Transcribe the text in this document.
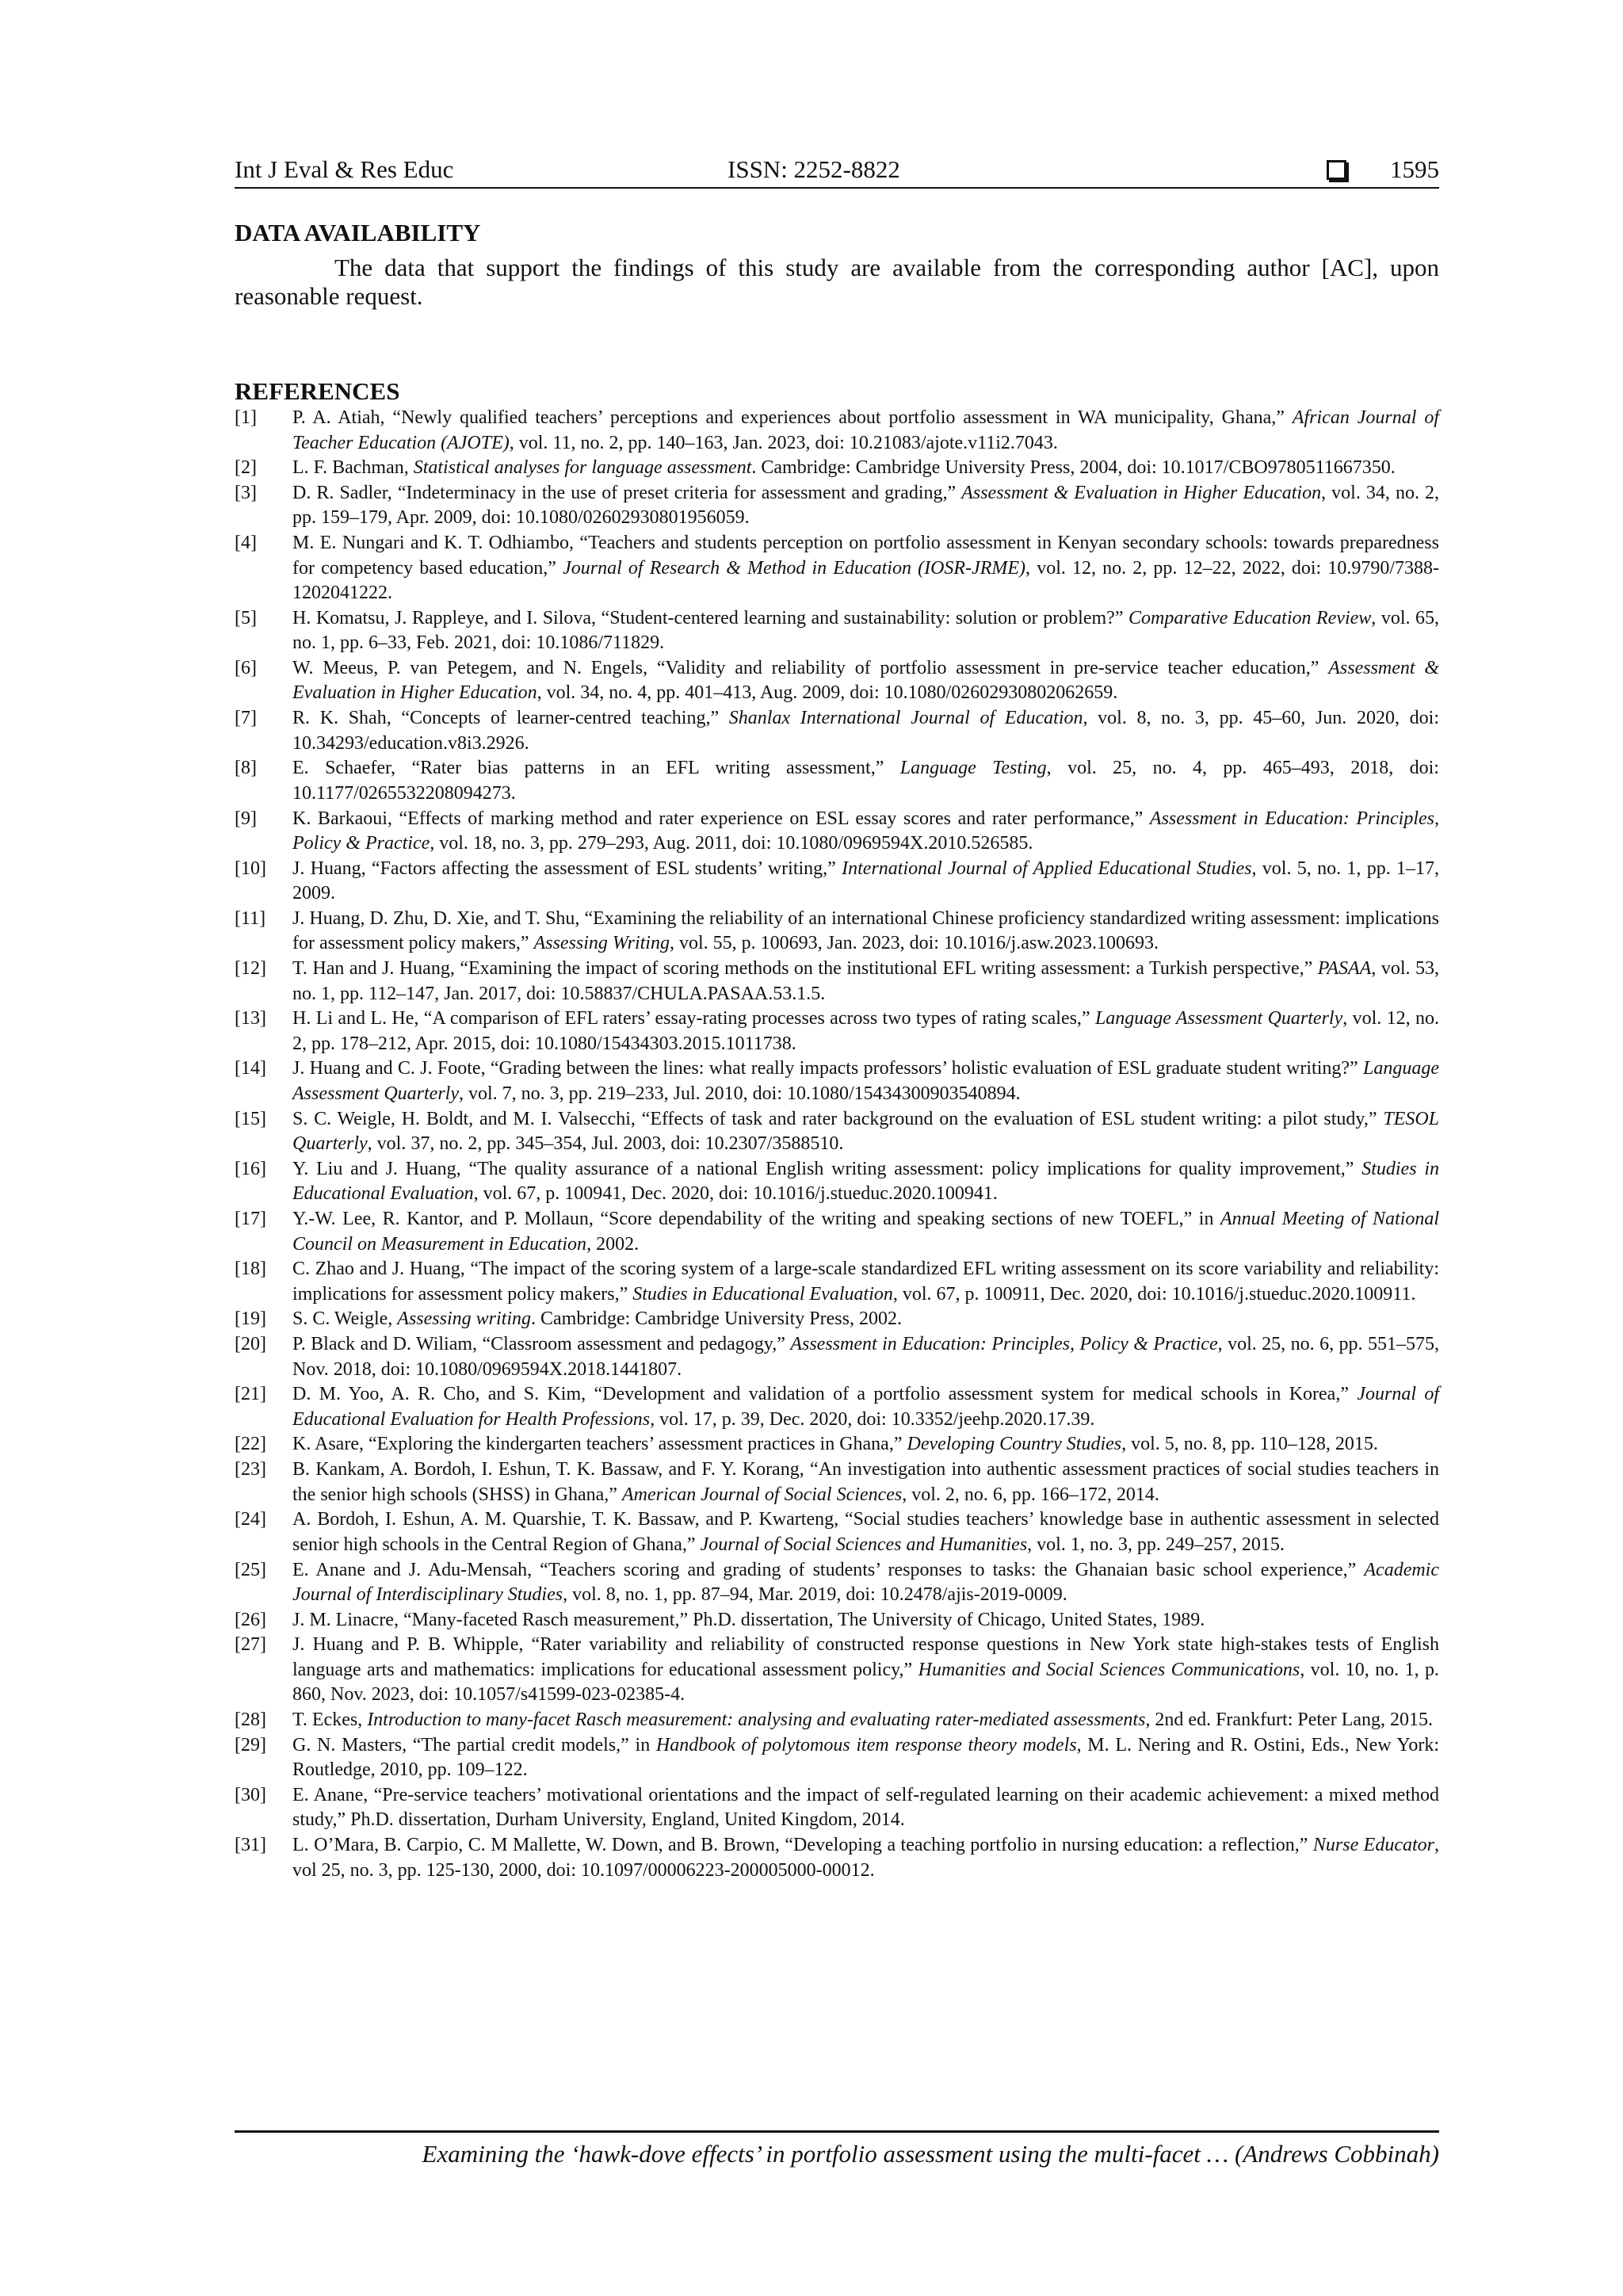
Int J Eval & Res Educ	ISSN: 2252-8822	1595
DATA AVAILABILITY
The data that support the findings of this study are available from the corresponding author [AC], upon reasonable request.
REFERENCES
[1] P. A. Atiah, “Newly qualified teachers’ perceptions and experiences about portfolio assessment in WA municipality, Ghana,” African Journal of Teacher Education (AJOTE), vol. 11, no. 2, pp. 140–163, Jan. 2023, doi: 10.21083/ajote.v11i2.7043.
[2] L. F. Bachman, Statistical analyses for language assessment. Cambridge: Cambridge University Press, 2004, doi: 10.1017/CBO9780511667350.
[3] D. R. Sadler, “Indeterminacy in the use of preset criteria for assessment and grading,” Assessment & Evaluation in Higher Education, vol. 34, no. 2, pp. 159–179, Apr. 2009, doi: 10.1080/02602930801956059.
[4] M. E. Nungari and K. T. Odhiambo, “Teachers and students perception on portfolio assessment in Kenyan secondary schools: towards preparedness for competency based education,” Journal of Research & Method in Education (IOSR-JRME), vol. 12, no. 2, pp. 12–22, 2022, doi: 10.9790/7388-1202041222.
[5] H. Komatsu, J. Rappleye, and I. Silova, “Student-centered learning and sustainability: solution or problem?” Comparative Education Review, vol. 65, no. 1, pp. 6–33, Feb. 2021, doi: 10.1086/711829.
[6] W. Meeus, P. van Petegem, and N. Engels, “Validity and reliability of portfolio assessment in pre-service teacher education,” Assessment & Evaluation in Higher Education, vol. 34, no. 4, pp. 401–413, Aug. 2009, doi: 10.1080/02602930802062659.
[7] R. K. Shah, “Concepts of learner-centred teaching,” Shanlax International Journal of Education, vol. 8, no. 3, pp. 45–60, Jun. 2020, doi: 10.34293/education.v8i3.2926.
[8] E. Schaefer, “Rater bias patterns in an EFL writing assessment,” Language Testing, vol. 25, no. 4, pp. 465–493, 2018, doi: 10.1177/0265532208094273.
[9] K. Barkaoui, “Effects of marking method and rater experience on ESL essay scores and rater performance,” Assessment in Education: Principles, Policy & Practice, vol. 18, no. 3, pp. 279–293, Aug. 2011, doi: 10.1080/0969594X.2010.526585.
[10] J. Huang, “Factors affecting the assessment of ESL students’ writing,” International Journal of Applied Educational Studies, vol. 5, no. 1, pp. 1–17, 2009.
[11] J. Huang, D. Zhu, D. Xie, and T. Shu, “Examining the reliability of an international Chinese proficiency standardized writing assessment: implications for assessment policy makers,” Assessing Writing, vol. 55, p. 100693, Jan. 2023, doi: 10.1016/j.asw.2023.100693.
[12] T. Han and J. Huang, “Examining the impact of scoring methods on the institutional EFL writing assessment: a Turkish perspective,” PASAA, vol. 53, no. 1, pp. 112–147, Jan. 2017, doi: 10.58837/CHULA.PASAA.53.1.5.
[13] H. Li and L. He, “A comparison of EFL raters’ essay-rating processes across two types of rating scales,” Language Assessment Quarterly, vol. 12, no. 2, pp. 178–212, Apr. 2015, doi: 10.1080/15434303.2015.1011738.
[14] J. Huang and C. J. Foote, “Grading between the lines: what really impacts professors’ holistic evaluation of ESL graduate student writing?” Language Assessment Quarterly, vol. 7, no. 3, pp. 219–233, Jul. 2010, doi: 10.1080/15434300903540894.
[15] S. C. Weigle, H. Boldt, and M. I. Valsecchi, “Effects of task and rater background on the evaluation of ESL student writing: a pilot study,” TESOL Quarterly, vol. 37, no. 2, pp. 345–354, Jul. 2003, doi: 10.2307/3588510.
[16] Y. Liu and J. Huang, “The quality assurance of a national English writing assessment: policy implications for quality improvement,” Studies in Educational Evaluation, vol. 67, p. 100941, Dec. 2020, doi: 10.1016/j.stueduc.2020.100941.
[17] Y.-W. Lee, R. Kantor, and P. Mollaun, “Score dependability of the writing and speaking sections of new TOEFL,” in Annual Meeting of National Council on Measurement in Education, 2002.
[18] C. Zhao and J. Huang, “The impact of the scoring system of a large-scale standardized EFL writing assessment on its score variability and reliability: implications for assessment policy makers,” Studies in Educational Evaluation, vol. 67, p. 100911, Dec. 2020, doi: 10.1016/j.stueduc.2020.100911.
[19] S. C. Weigle, Assessing writing. Cambridge: Cambridge University Press, 2002.
[20] P. Black and D. Wiliam, “Classroom assessment and pedagogy,” Assessment in Education: Principles, Policy & Practice, vol. 25, no. 6, pp. 551–575, Nov. 2018, doi: 10.1080/0969594X.2018.1441807.
[21] D. M. Yoo, A. R. Cho, and S. Kim, “Development and validation of a portfolio assessment system for medical schools in Korea,” Journal of Educational Evaluation for Health Professions, vol. 17, p. 39, Dec. 2020, doi: 10.3352/jeehp.2020.17.39.
[22] K. Asare, “Exploring the kindergarten teachers’ assessment practices in Ghana,” Developing Country Studies, vol. 5, no. 8, pp. 110–128, 2015.
[23] B. Kankam, A. Bordoh, I. Eshun, T. K. Bassaw, and F. Y. Korang, “An investigation into authentic assessment practices of social studies teachers in the senior high schools (SHSS) in Ghana,” American Journal of Social Sciences, vol. 2, no. 6, pp. 166–172, 2014.
[24] A. Bordoh, I. Eshun, A. M. Quarshie, T. K. Bassaw, and P. Kwarteng, “Social studies teachers’ knowledge base in authentic assessment in selected senior high schools in the Central Region of Ghana,” Journal of Social Sciences and Humanities, vol. 1, no. 3, pp. 249–257, 2015.
[25] E. Anane and J. Adu-Mensah, “Teachers scoring and grading of students’ responses to tasks: the Ghanaian basic school experience,” Academic Journal of Interdisciplinary Studies, vol. 8, no. 1, pp. 87–94, Mar. 2019, doi: 10.2478/ajis-2019-0009.
[26] J. M. Linacre, “Many-faceted Rasch measurement,” Ph.D. dissertation, The University of Chicago, United States, 1989.
[27] J. Huang and P. B. Whipple, “Rater variability and reliability of constructed response questions in New York state high-stakes tests of English language arts and mathematics: implications for educational assessment policy,” Humanities and Social Sciences Communications, vol. 10, no. 1, p. 860, Nov. 2023, doi: 10.1057/s41599-023-02385-4.
[28] T. Eckes, Introduction to many-facet Rasch measurement: analysing and evaluating rater-mediated assessments, 2nd ed. Frankfurt: Peter Lang, 2015.
[29] G. N. Masters, “The partial credit models,” in Handbook of polytomous item response theory models, M. L. Nering and R. Ostini, Eds., New York: Routledge, 2010, pp. 109–122.
[30] E. Anane, “Pre-service teachers’ motivational orientations and the impact of self-regulated learning on their academic achievement: a mixed method study,” Ph.D. dissertation, Durham University, England, United Kingdom, 2014.
[31] L. O’Mara, B. Carpio, C. M Mallette, W. Down, and B. Brown, “Developing a teaching portfolio in nursing education: a reflection,” Nurse Educator, vol 25, no. 3, pp. 125-130, 2000, doi: 10.1097/00006223-200005000-00012.
Examining the ‘hawk-dove effects’ in portfolio assessment using the multi-facet … (Andrews Cobbinah)
